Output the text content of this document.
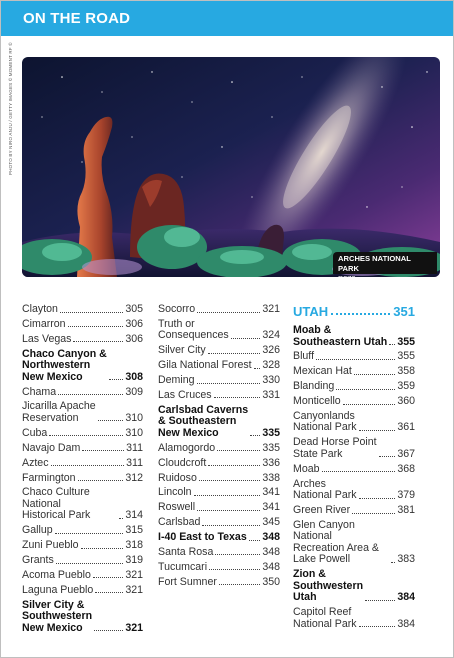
ON THE ROAD
PHOTO BY NIRO ANJU / GETTY IMAGES © MOMENT RF ©
ARCHES NATIONAL PARK
P379
Clayton	305
Cimarron	306
Las Vegas	306
Chaco Canyon &
Northwestern
New Mexico	308
Chama	309
Jicarilla Apache
Reservation	310
Cuba	310
Navajo Dam	311
Aztec	311
Farmington	312
Chaco Culture National
Historical Park	314
Gallup	315
Zuni Pueblo	318
Grants	319
Acoma Pueblo	321
Laguna Pueblo	321
Silver City &
Southwestern
New Mexico	321
Socorro	321
Truth or
Consequences	324
Silver City	326
Gila National Forest 328
Deming	330
Las Cruces	331
Carlsbad Caverns
& Southeastern
New Mexico	335
Alamogordo	335
Cloudcroft	336
Ruidoso	338
Lincoln	341
Roswell	341
Carlsbad	345
I-40 East to Texas 348
Santa Rosa	348
Tucumcari	348
Fort Sumner	350
UTAH	351
Moab &
Southeastern Utah 355
Bluff	355
Mexican Hat	358
Blanding	359
Monticello	360
Canyonlands
National Park	361
Dead Horse Point
State Park	367
Moab	368
Arches
National Park	379
Green River	381
Glen Canyon National
Recreation Area &
Lake Powell	383
Zion &
Southwestern
Utah	384
Capitol Reef
National Park	384
